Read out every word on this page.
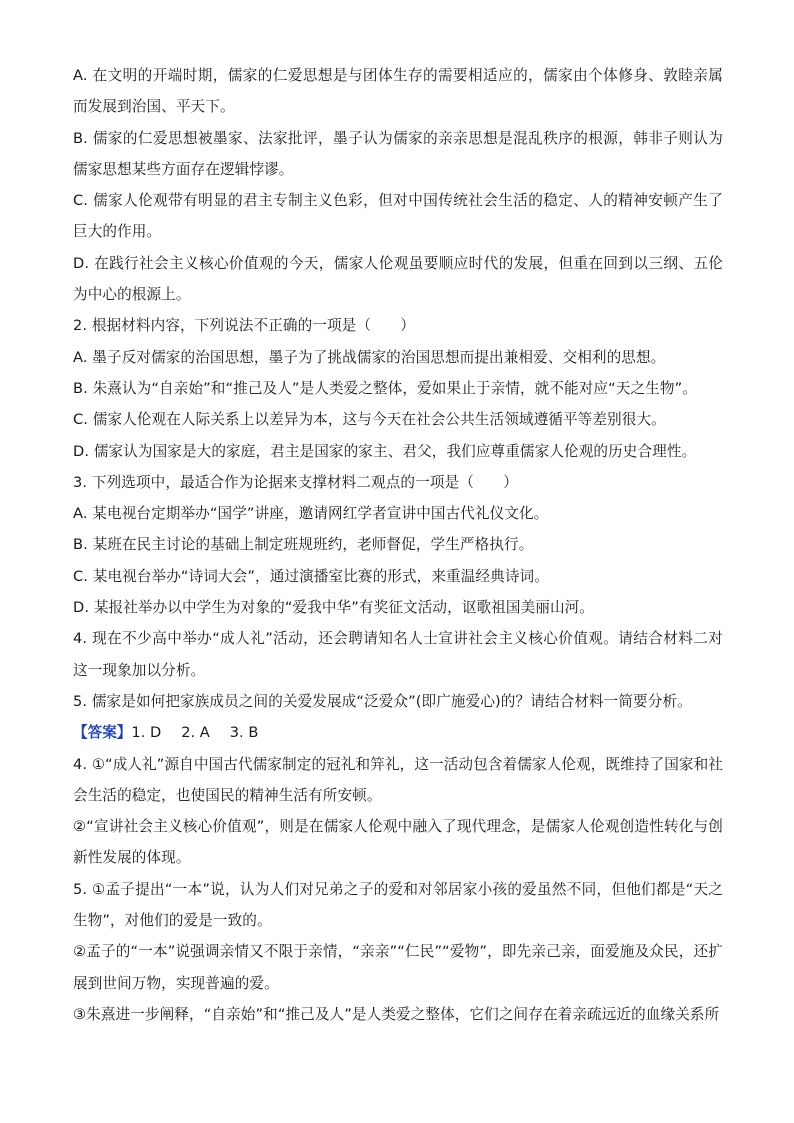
A. 在文明的开端时期，儒家的仁爱思想是与团体生存的需要相适应的，儒家由个体修身、敦睦亲属而发展到治国、平天下。

B. 儒家的仁爱思想被墨家、法家批评，墨子认为儒家的亲亲思想是混乱秩序的根源，韩非子则认为儒家思想某些方面存在逻辑悖谬。

C. 儒家人伦观带有明显的君主专制主义色彩，但对中国传统社会生活的稳定、人的精神安顿产生了巨大的作用。

D. 在践行社会主义核心价值观的今天，儒家人伦观虽要顺应时代的发展，但重在回到以三纲、五伦为中心的根源上。

2. 根据材料内容，下列说法不正确的一项是（　　）

A. 墨子反对儒家的治国思想，墨子为了挑战儒家的治国思想而提出兼相爱、交相利的思想。

B. 朱熹认为“自亲始”和“推己及人”是人类爱之整体，爱如果止于亲情，就不能对应“天之生物”。

C. 儒家人伦观在人际关系上以差异为本，这与今天在社会公共生活领域遵循平等差别很大。

D. 儒家认为国家是大的家庭，君主是国家的家主、君父，我们应尊重儒家人伦观的历史合理性。

3. 下列选项中，最适合作为论据来支撑材料二观点的一项是（　　）

A. 某电视台定期举办“国学”讲座，邀请网红学者宣讲中国古代礼仪文化。

B. 某班在民主讨论的基础上制定班规班约，老师督促，学生严格执行。

C. 某电视台举办“诗词大会”，通过演播室比赛的形式，来重温经典诗词。

D. 某报社举办以中学生为对象的“爱我中华”有奖征文活动，讴歌祖国美丽山河。

4. 现在不少高中举办“成人礼”活动，还会聘请知名人士宣讲社会主义核心价值观。请结合材料二对这一现象加以分析。

5. 儒家是如何把家族成员之间的关爱发展成“泛爱众”(即广施爱心)的？请结合材料一简要分析。

【答案】1. D 2. A 3. B

4. ①“成人礼”源自中国古代儒家制定的冠礼和笄礼，这一活动包含着儒家人伦观，既维持了国家和社会生活的稳定，也使国民的精神生活有所安顿。

②“宣讲社会主义核心价值观”，则是在儒家人伦观中融入了现代理念，是儒家人伦观创造性转化与创新性发展的体现。

5. ①孟子提出“一本”说，认为人们对兄弟之子的爱和对邻居家小孩的爱虽然不同，但他们都是“天之生物”，对他们的爱是一致的。

②孟子的“一本”说强调亲情又不限于亲情，“亲亲”“仁民”“爱物”，即先亲己亲，面爱施及众民，还扩展到世间万物，实现普遍的爱。

③朱熹进一步阐释，“自亲始”和“推己及人”是人类爱之整体，它们之间存在着亲疏远近的血缘关系所
